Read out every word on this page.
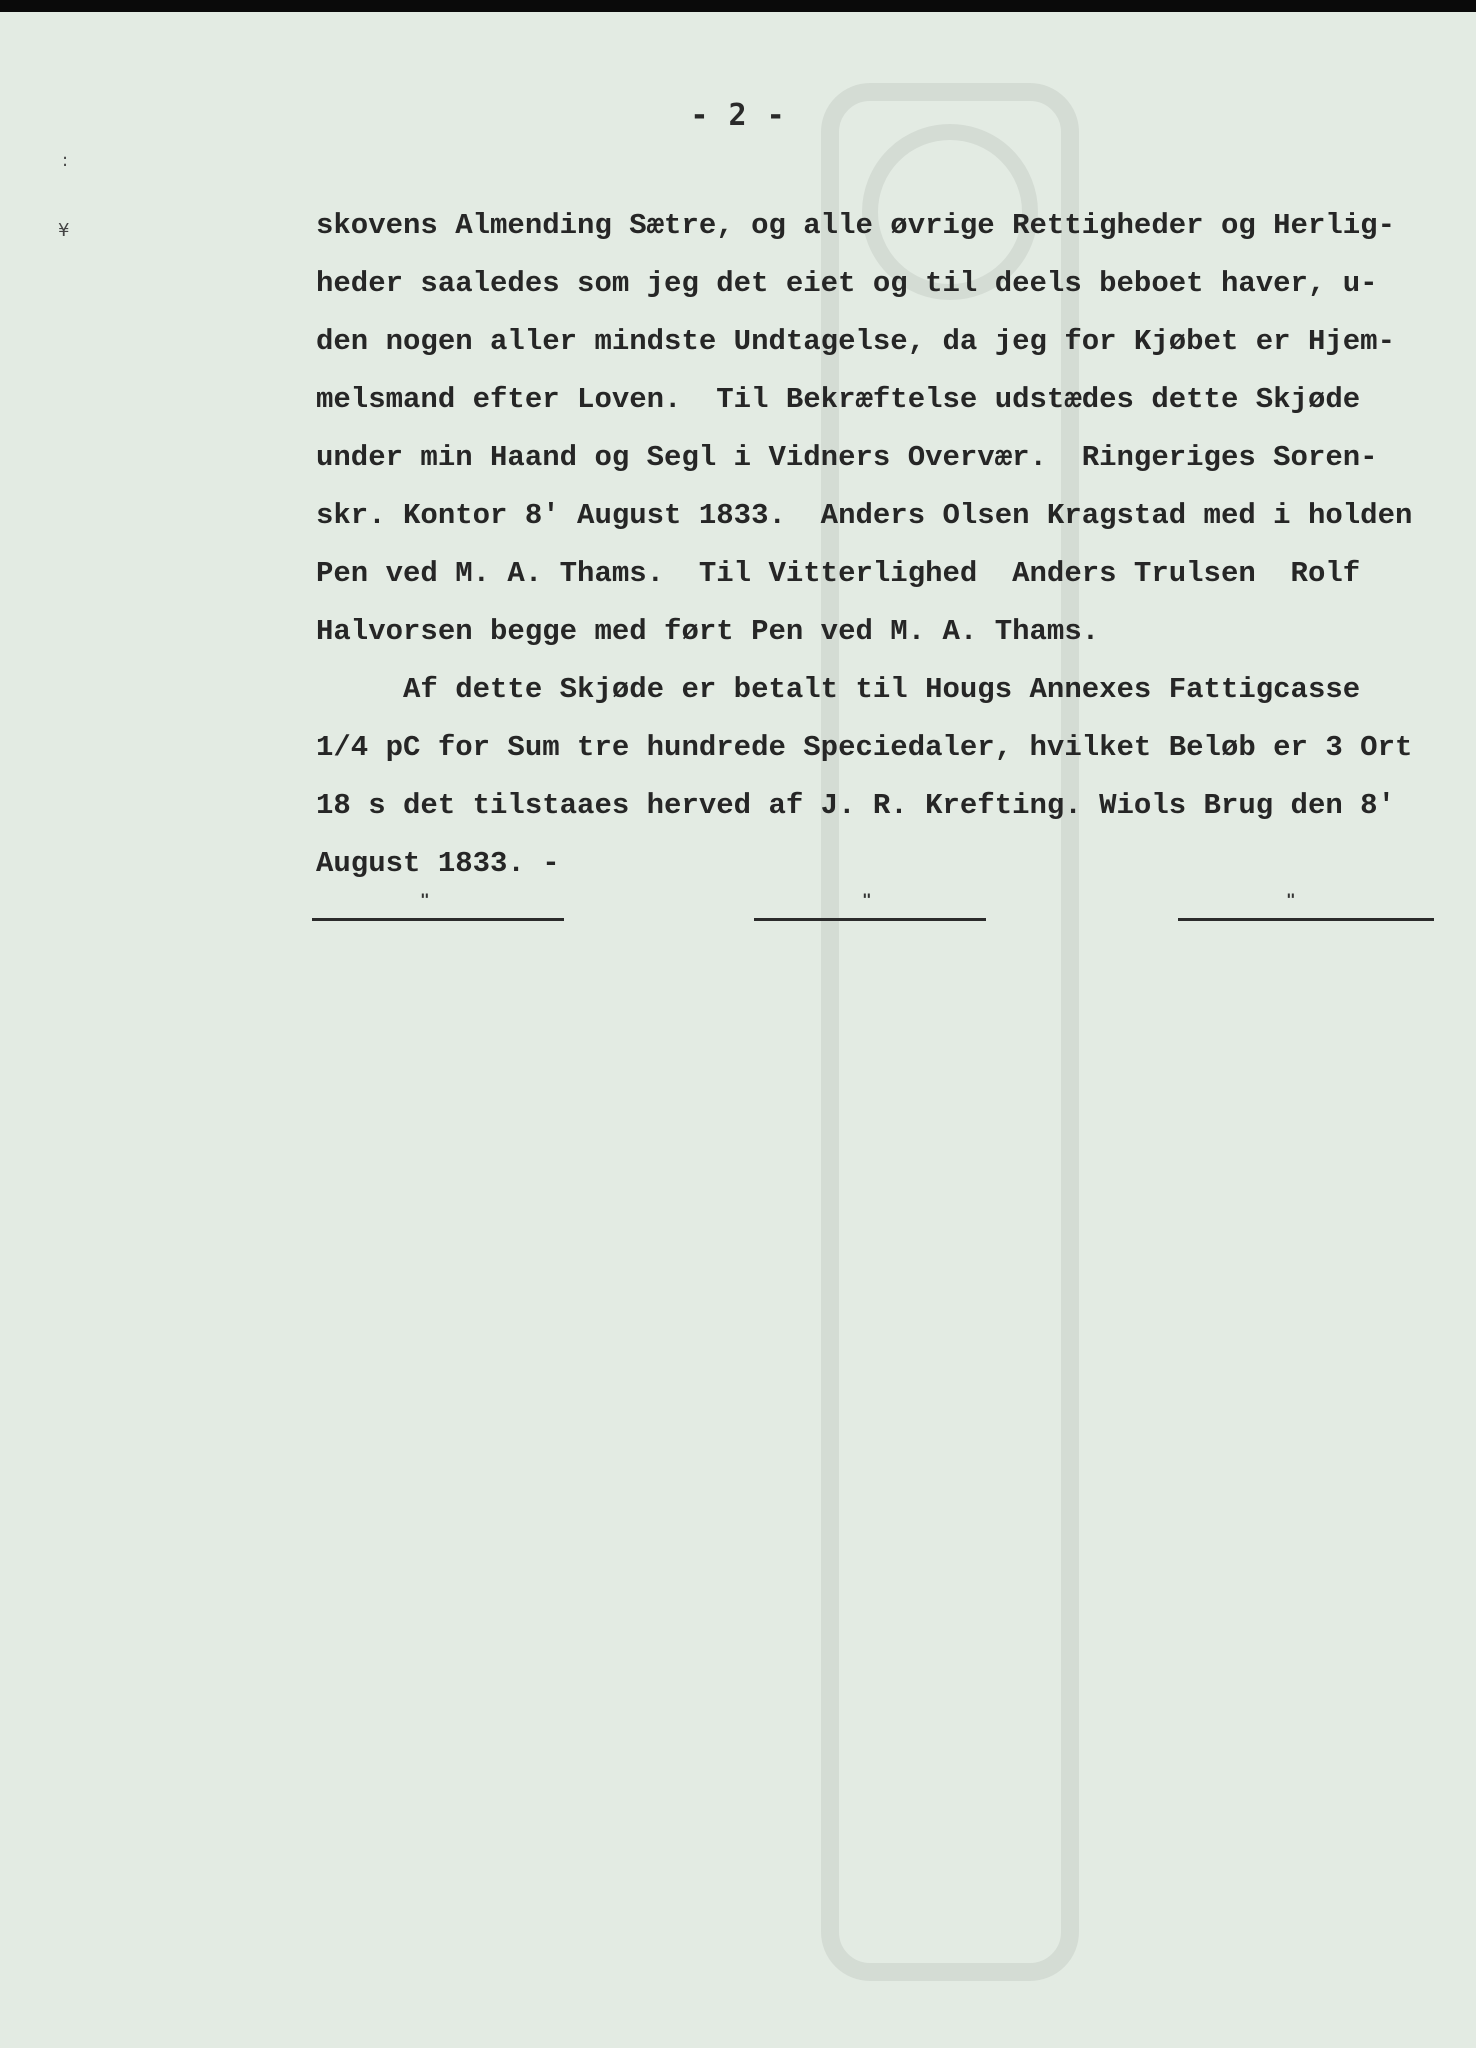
:
¥
- 2 -
skovens Almending Sætre, og alle øvrige Rettigheder og Herlig-
heder saaledes som jeg det eiet og til deels beboet haver, u-
den nogen aller mindste Undtagelse, da jeg for Kjøbet er Hjem-
melsmand efter Loven.  Til Bekræftelse udstædes dette Skjøde
under min Haand og Segl i Vidners Overvær.  Ringeriges Soren-
skr. Kontor 8' August 1833.  Anders Olsen Kragstad med i holden
Pen ved M. A. Thams.  Til Vitterlighed  Anders Trulsen  Rolf
Halvorsen begge med ført Pen ved M. A. Thams.
Af dette Skjøde er betalt til Hougs Annexes Fattigcasse
1/4 pC for Sum tre hundrede Speciedaler, hvilket Beløb er 3 Ort
18 s det tilstaaes herved af J. R. Krefting. Wiols Brug den 8'
August 1833. -
"	"	"
